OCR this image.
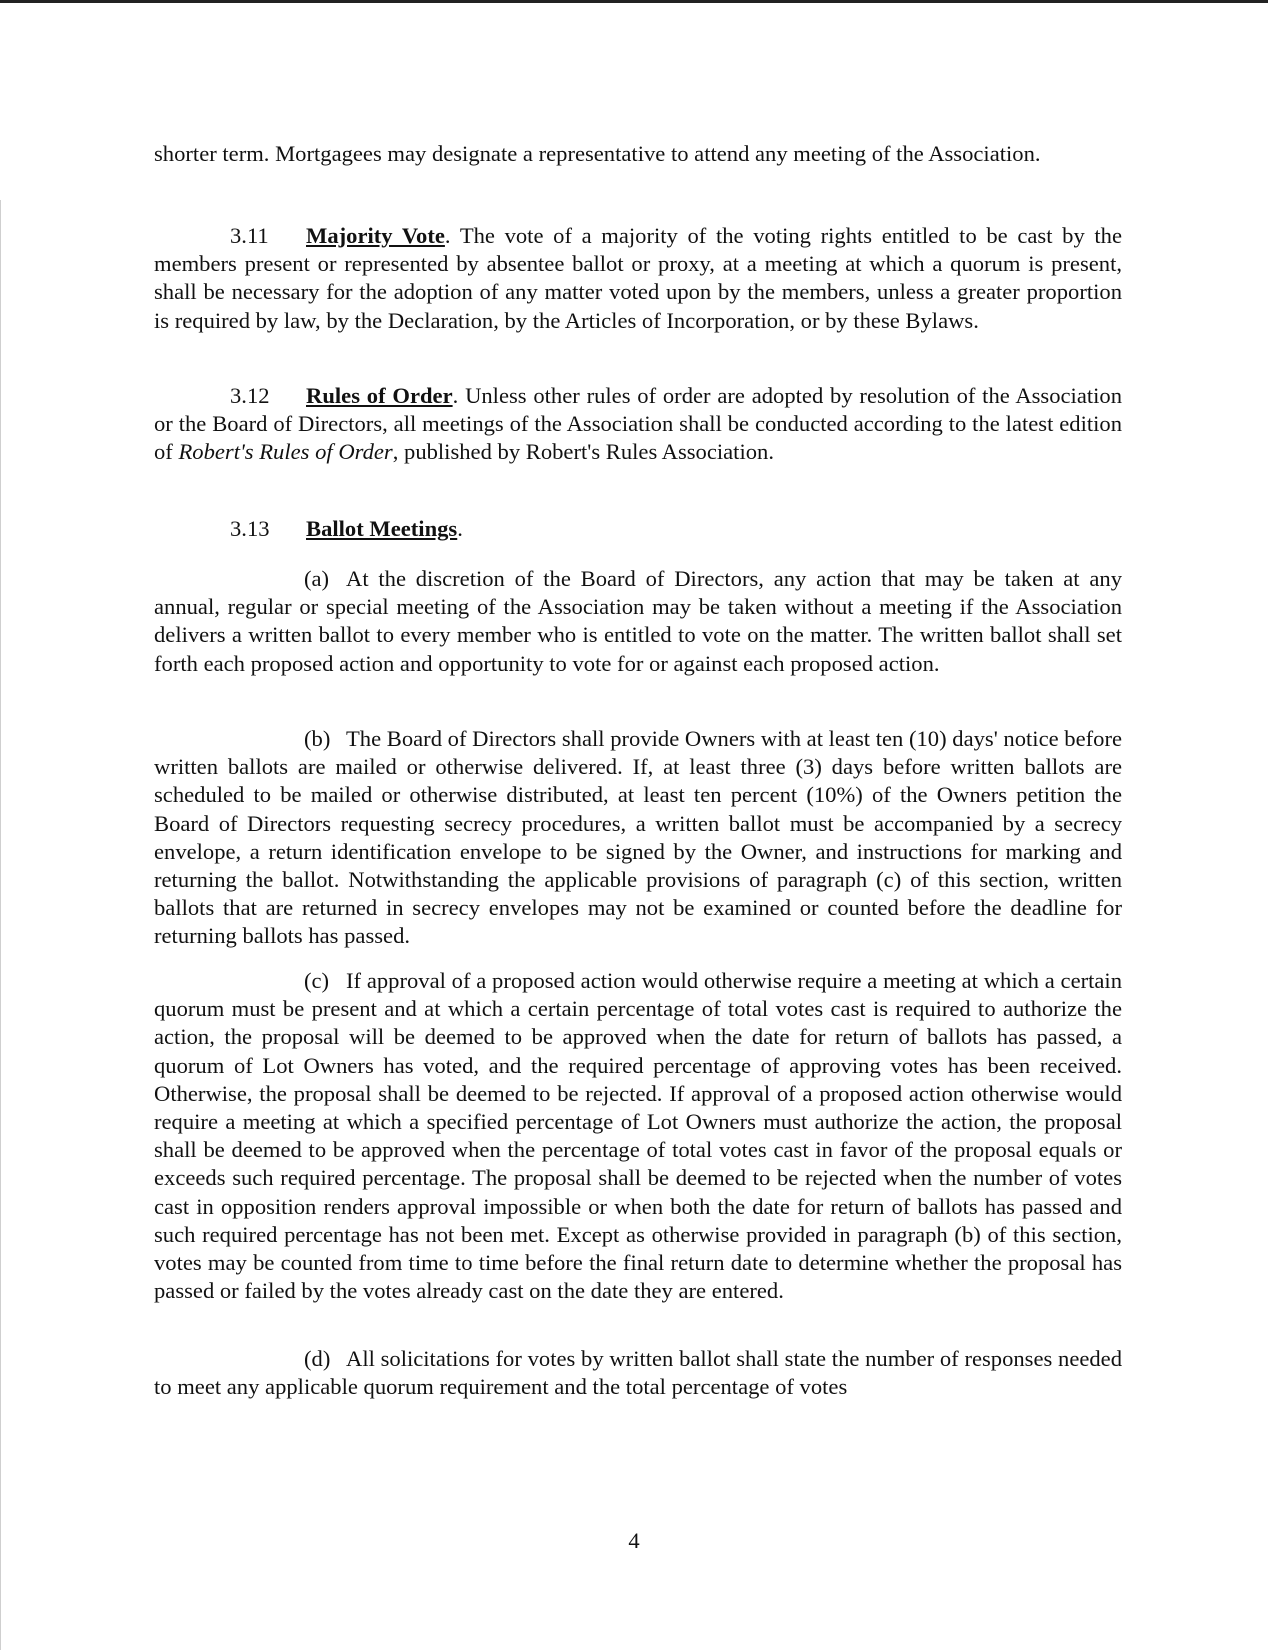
shorter term. Mortgagees may designate a representative to attend any meeting of the Association.

3.11 Majority Vote. The vote of a majority of the voting rights entitled to be cast by the members present or represented by absentee ballot or proxy, at a meeting at which a quorum is present, shall be necessary for the adoption of any matter voted upon by the members, unless a greater proportion is required by law, by the Declaration, by the Articles of Incorporation, or by these Bylaws.

3.12 Rules of Order. Unless other rules of order are adopted by resolution of the Association or the Board of Directors, all meetings of the Association shall be conducted according to the latest edition of Robert's Rules of Order, published by Robert's Rules Association.

3.13 Ballot Meetings.

(a) At the discretion of the Board of Directors, any action that may be taken at any annual, regular or special meeting of the Association may be taken without a meeting if the Association delivers a written ballot to every member who is entitled to vote on the matter. The written ballot shall set forth each proposed action and opportunity to vote for or against each proposed action.

(b) The Board of Directors shall provide Owners with at least ten (10) days' notice before written ballots are mailed or otherwise delivered. If, at least three (3) days before written ballots are scheduled to be mailed or otherwise distributed, at least ten percent (10%) of the Owners petition the Board of Directors requesting secrecy procedures, a written ballot must be accompanied by a secrecy envelope, a return identification envelope to be signed by the Owner, and instructions for marking and returning the ballot. Notwithstanding the applicable provisions of paragraph (c) of this section, written ballots that are returned in secrecy envelopes may not be examined or counted before the deadline for returning ballots has passed.

(c) If approval of a proposed action would otherwise require a meeting at which a certain quorum must be present and at which a certain percentage of total votes cast is required to authorize the action, the proposal will be deemed to be approved when the date for return of ballots has passed, a quorum of Lot Owners has voted, and the required percentage of approving votes has been received. Otherwise, the proposal shall be deemed to be rejected. If approval of a proposed action otherwise would require a meeting at which a specified percentage of Lot Owners must authorize the action, the proposal shall be deemed to be approved when the percentage of total votes cast in favor of the proposal equals or exceeds such required percentage. The proposal shall be deemed to be rejected when the number of votes cast in opposition renders approval impossible or when both the date for return of ballots has passed and such required percentage has not been met. Except as otherwise provided in paragraph (b) of this section, votes may be counted from time to time before the final return date to determine whether the proposal has passed or failed by the votes already cast on the date they are entered.

(d) All solicitations for votes by written ballot shall state the number of responses needed to meet any applicable quorum requirement and the total percentage of votes

4
